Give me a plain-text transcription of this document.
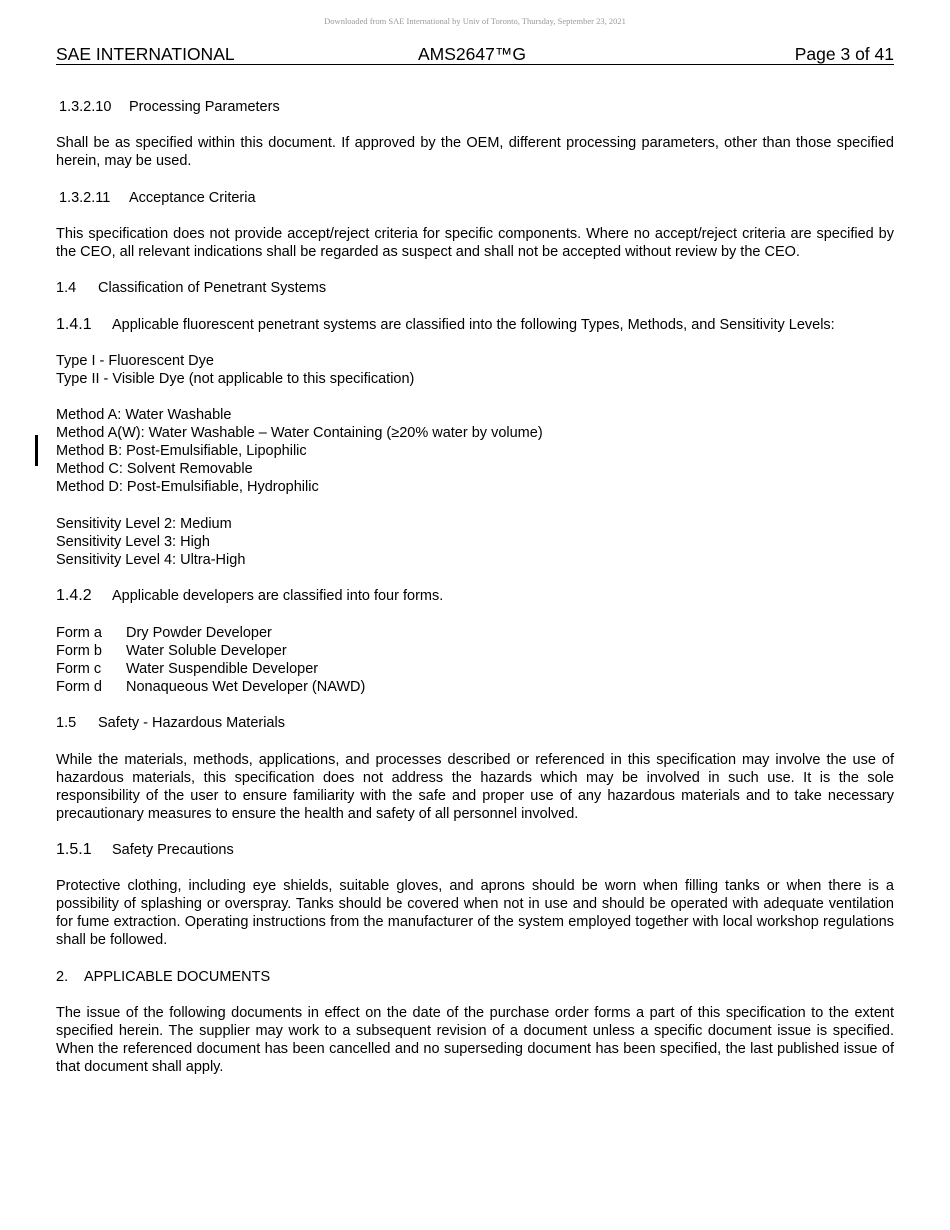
Downloaded from SAE International by Univ of Toronto, Thursday, September 23, 2021
SAE INTERNATIONAL	AMS2647™G	Page 3 of 41

1.3.2.10 Processing Parameters

Shall be as specified within this document. If approved by the OEM, different processing parameters, other than those specified herein, may be used.

1.3.2.11 Acceptance Criteria

This specification does not provide accept/reject criteria for specific components. Where no accept/reject criteria are specified by the CEO, all relevant indications shall be regarded as suspect and shall not be accepted without review by the CEO.

1.4 Classification of Penetrant Systems

1.4.1 Applicable fluorescent penetrant systems are classified into the following Types, Methods, and Sensitivity Levels:

Type I - Fluorescent Dye

Type II - Visible Dye (not applicable to this specification)

Method A: Water Washable

Method A(W): Water Washable – Water Containing (≥20% water by volume)

Method B: Post-Emulsifiable, Lipophilic

Method C: Solvent Removable

Method D: Post-Emulsifiable, Hydrophilic

Sensitivity Level 2: Medium

Sensitivity Level 3: High

Sensitivity Level 4: Ultra-High

1.4.2 Applicable developers are classified into four forms.

Form a	Dry Powder Developer
Form b	Water Soluble Developer
Form c	Water Suspendible Developer
Form d	Nonaqueous Wet Developer (NAWD)

1.5 Safety - Hazardous Materials

While the materials, methods, applications, and processes described or referenced in this specification may involve the use of hazardous materials, this specification does not address the hazards which may be involved in such use. It is the sole responsibility of the user to ensure familiarity with the safe and proper use of any hazardous materials and to take necessary precautionary measures to ensure the health and safety of all personnel involved.

1.5.1 Safety Precautions

Protective clothing, including eye shields, suitable gloves, and aprons should be worn when filling tanks or when there is a possibility of splashing or overspray. Tanks should be covered when not in use and should be operated with adequate ventilation for fume extraction. Operating instructions from the manufacturer of the system employed together with local workshop regulations shall be followed.

2. APPLICABLE DOCUMENTS

The issue of the following documents in effect on the date of the purchase order forms a part of this specification to the extent specified herein. The supplier may work to a subsequent revision of a document unless a specific document issue is specified. When the referenced document has been cancelled and no superseding document has been specified, the last published issue of that document shall apply.
